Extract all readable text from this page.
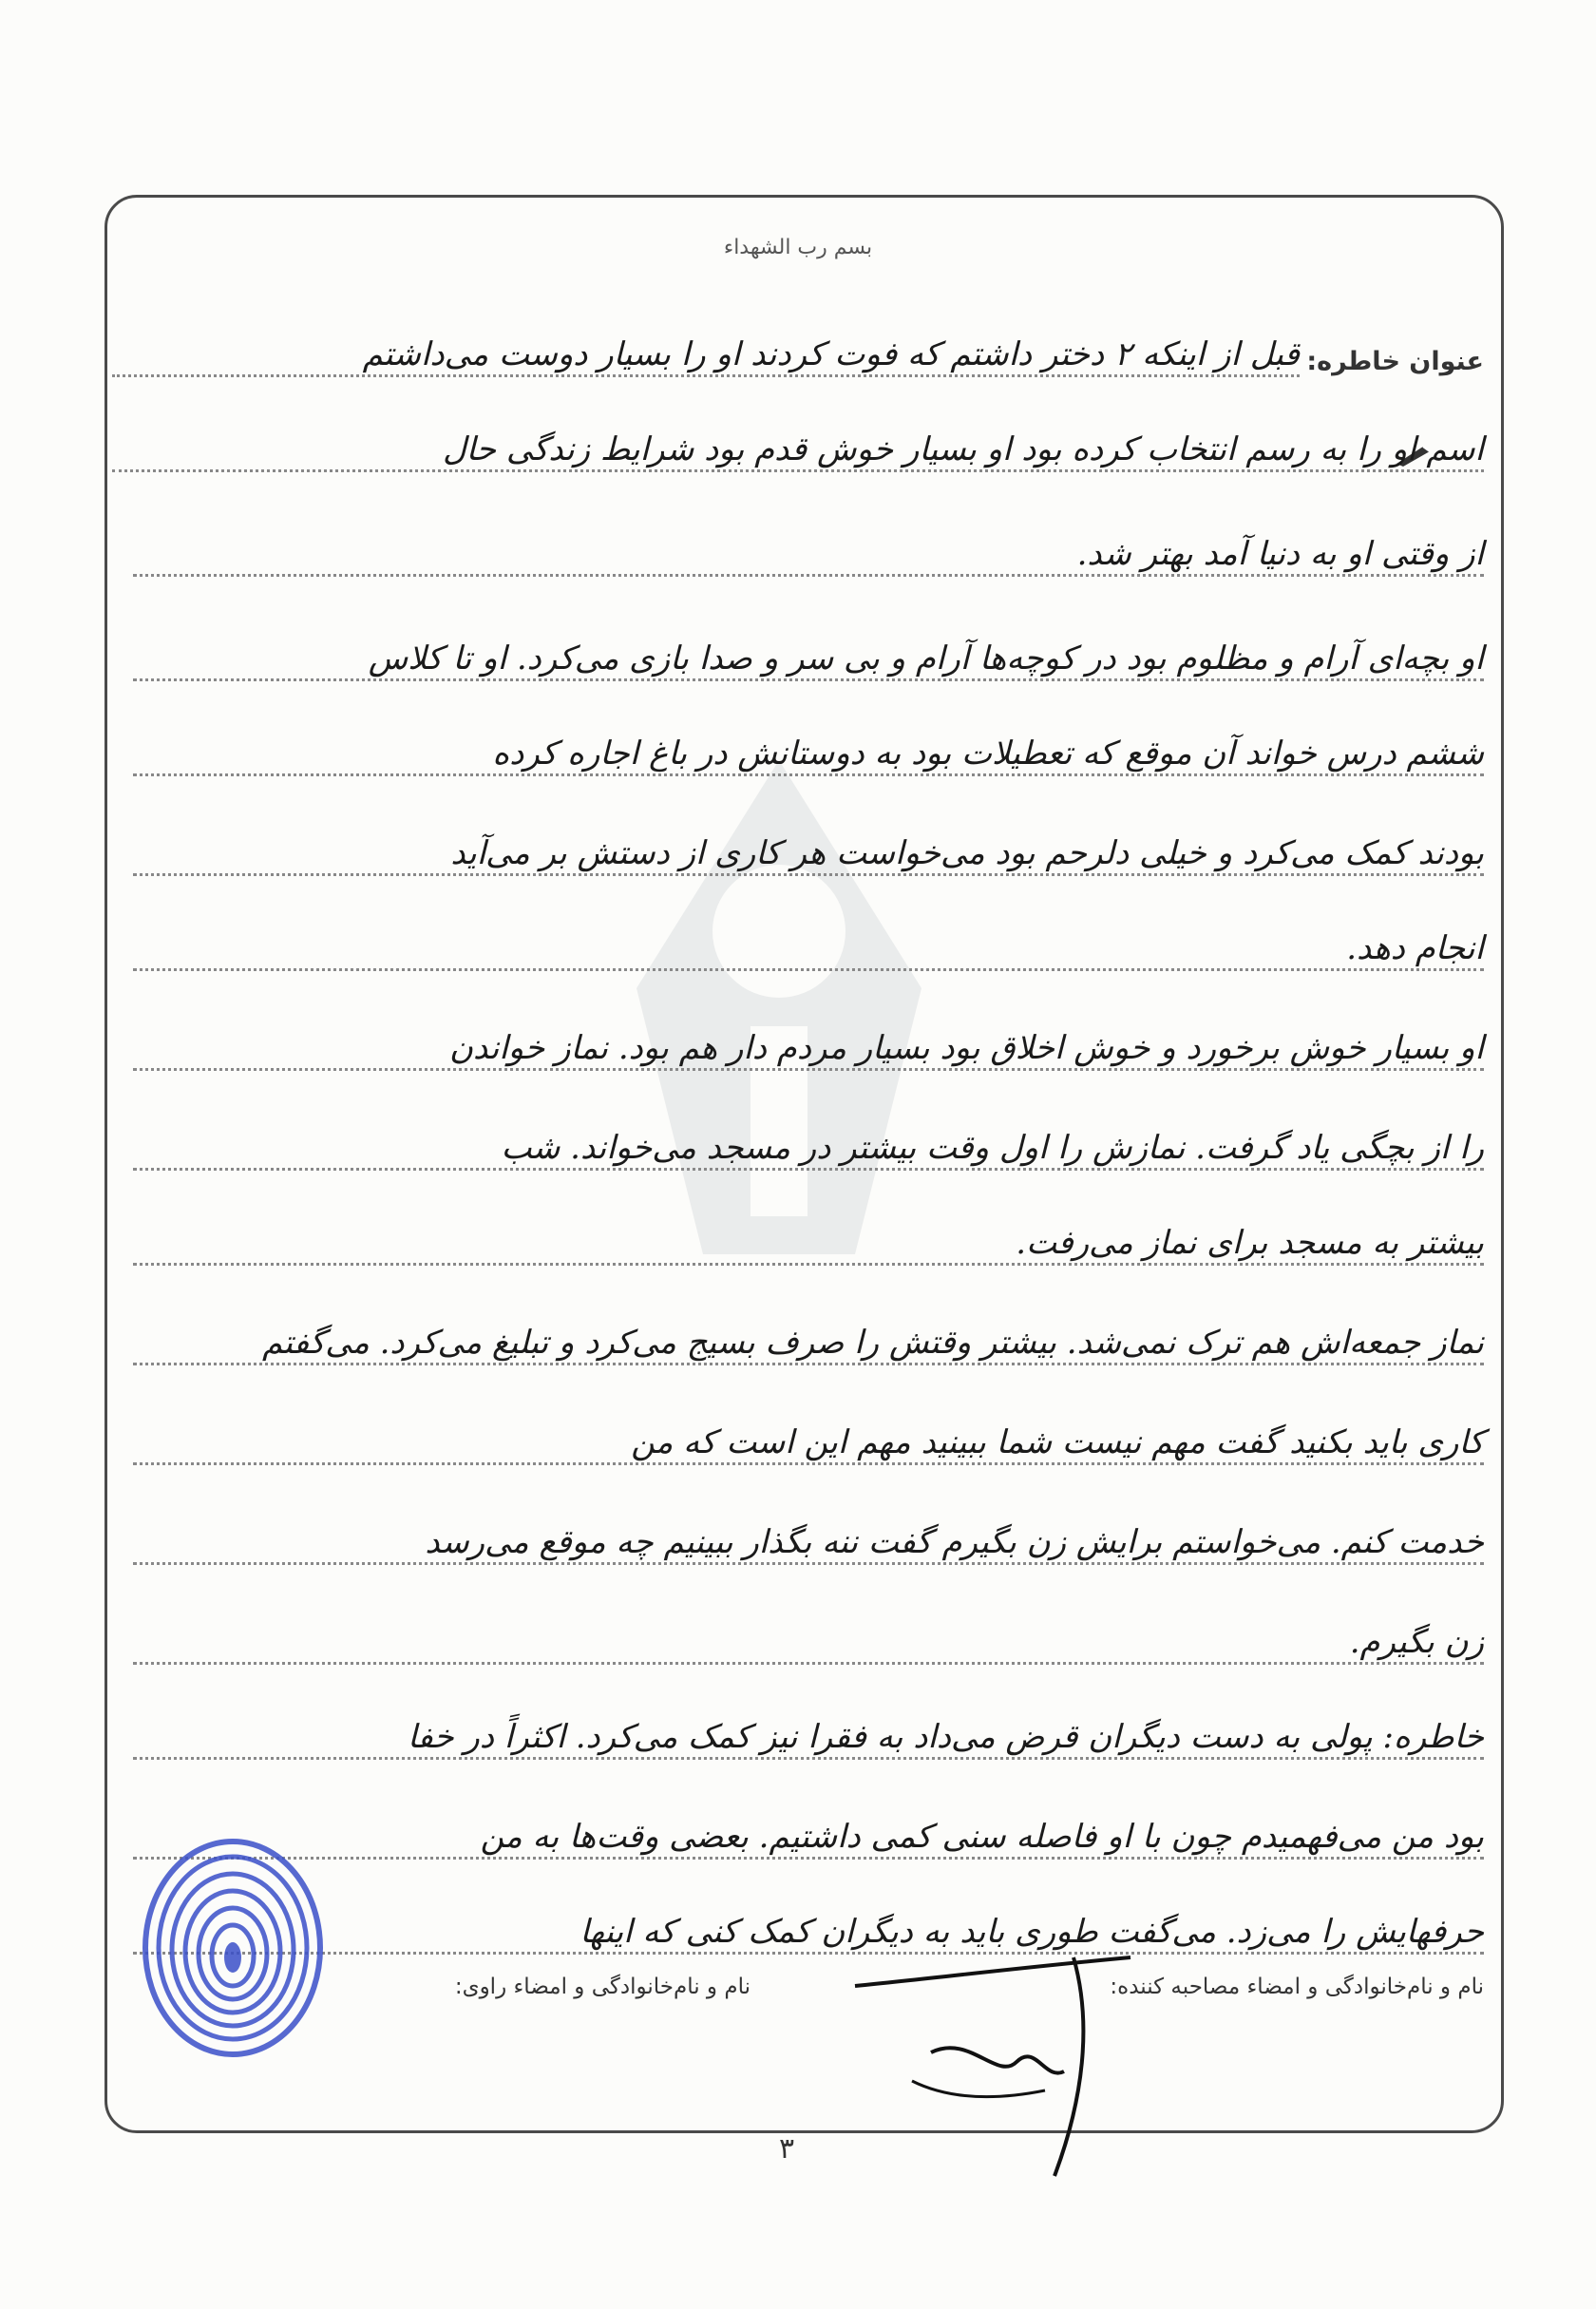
بسم رب الشهداء
عنوان خاطره:
قبل از اینکه ۲ دختر داشتم که فوت کردند او را بسیار دوست می‌داشتم
اسم او را به رسم انتخاب کرده بود او بسیار خوش قدم بود شرایط زندگی حال
از وقتی او به دنیا آمد بهتر شد.
او بچه‌ای آرام و مظلوم بود در کوچه‌ها آرام و بی سر و صدا بازی می‌کرد. او تا کلاس
ششم درس خواند آن موقع که تعطیلات بود به دوستانش در باغ اجاره کرده
بودند کمک می‌کرد و خیلی دلرحم بود می‌خواست هر کاری از دستش بر می‌آید
انجام دهد.
او بسیار خوش برخورد و خوش اخلاق بود بسیار مردم دار هم بود. نماز خواندن
را از بچگی یاد گرفت. نمازش را اول وقت بیشتر در مسجد می‌خواند. شب
بیشتر به مسجد برای نماز می‌رفت.
نماز جمعه‌اش هم ترک نمی‌شد. بیشتر وقتش را صرف بسیج می‌کرد و تبلیغ می‌کرد. می‌گفتم
کاری باید بکنید گفت مهم نیست شما ببینید مهم این است که من
خدمت کنم. می‌خواستم برایش زن بگیرم گفت ننه بگذار ببینیم چه موقع می‌رسد
زن بگیرم.
خاطره: پولی به دست دیگران قرض می‌داد به فقرا نیز کمک می‌کرد. اکثراً در خفا
بود من می‌فهمیدم چون با او فاصله سنی کمی داشتیم. بعضی وقت‌ها به من
حرفهایش را می‌زد. می‌گفت طوری باید به دیگران کمک کنی که اینها
نام و نام‌خانوادگی و امضاء مصاحبه کننده:
نام و نام‌خانوادگی و امضاء راوی:
۳
